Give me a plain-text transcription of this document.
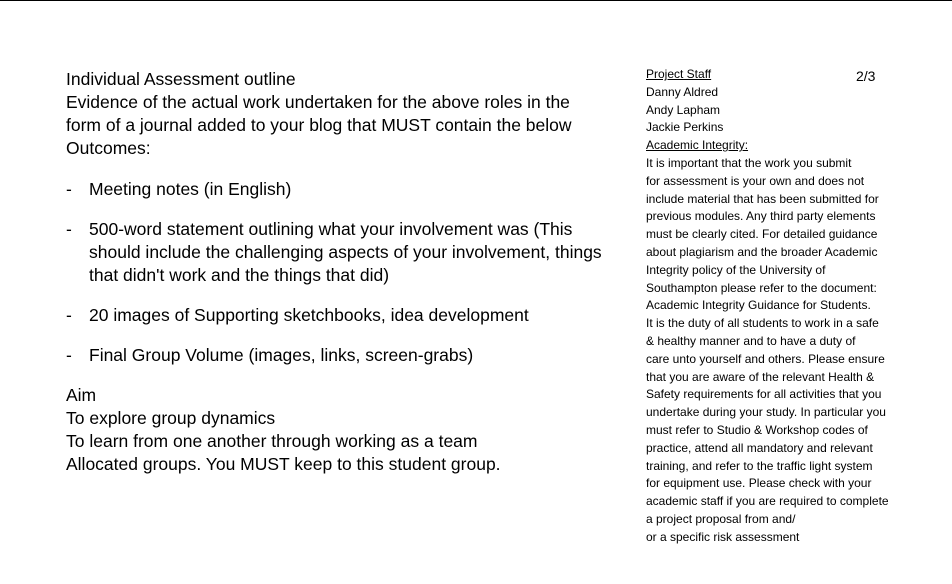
Individual Assessment outline

Evidence of the actual work undertaken for the above roles in the form of a journal added to your blog that MUST contain the below Outcomes:

- Meeting notes (in English)
- 500-word statement outlining what your involvement was (This should include the challenging aspects of your involvement, things that didn't work and the things that did)
- 20 images of Supporting sketchbooks, idea development
- Final Group Volume (images, links, screen-grabs)

Aim

To explore group dynamics

To learn from one another through working as a team

Allocated groups. You MUST keep to this student group.

2/3

Project Staff

Danny Aldred

Andy Lapham

Jackie Perkins

Academic Integrity:

It is important that the work you submit

for assessment is your own and does not

include material that has been submitted for

previous modules. Any third party elements

must be clearly cited. For detailed guidance

about plagiarism and the broader Academic

Integrity policy of the University of

Southampton please refer to the document:

Academic Integrity Guidance for Students.

It is the duty of all students to work in a safe

& healthy manner and to have a duty of

care unto yourself and others. Please ensure

that you are aware of the relevant Health &

Safety requirements for all activities that you

undertake during your study. In particular you

must refer to Studio & Workshop codes of

practice, attend all mandatory and relevant

training, and refer to the traffic light system

for equipment use. Please check with your

academic staff if you are required to complete

a project proposal from and/

or a specific risk assessment
